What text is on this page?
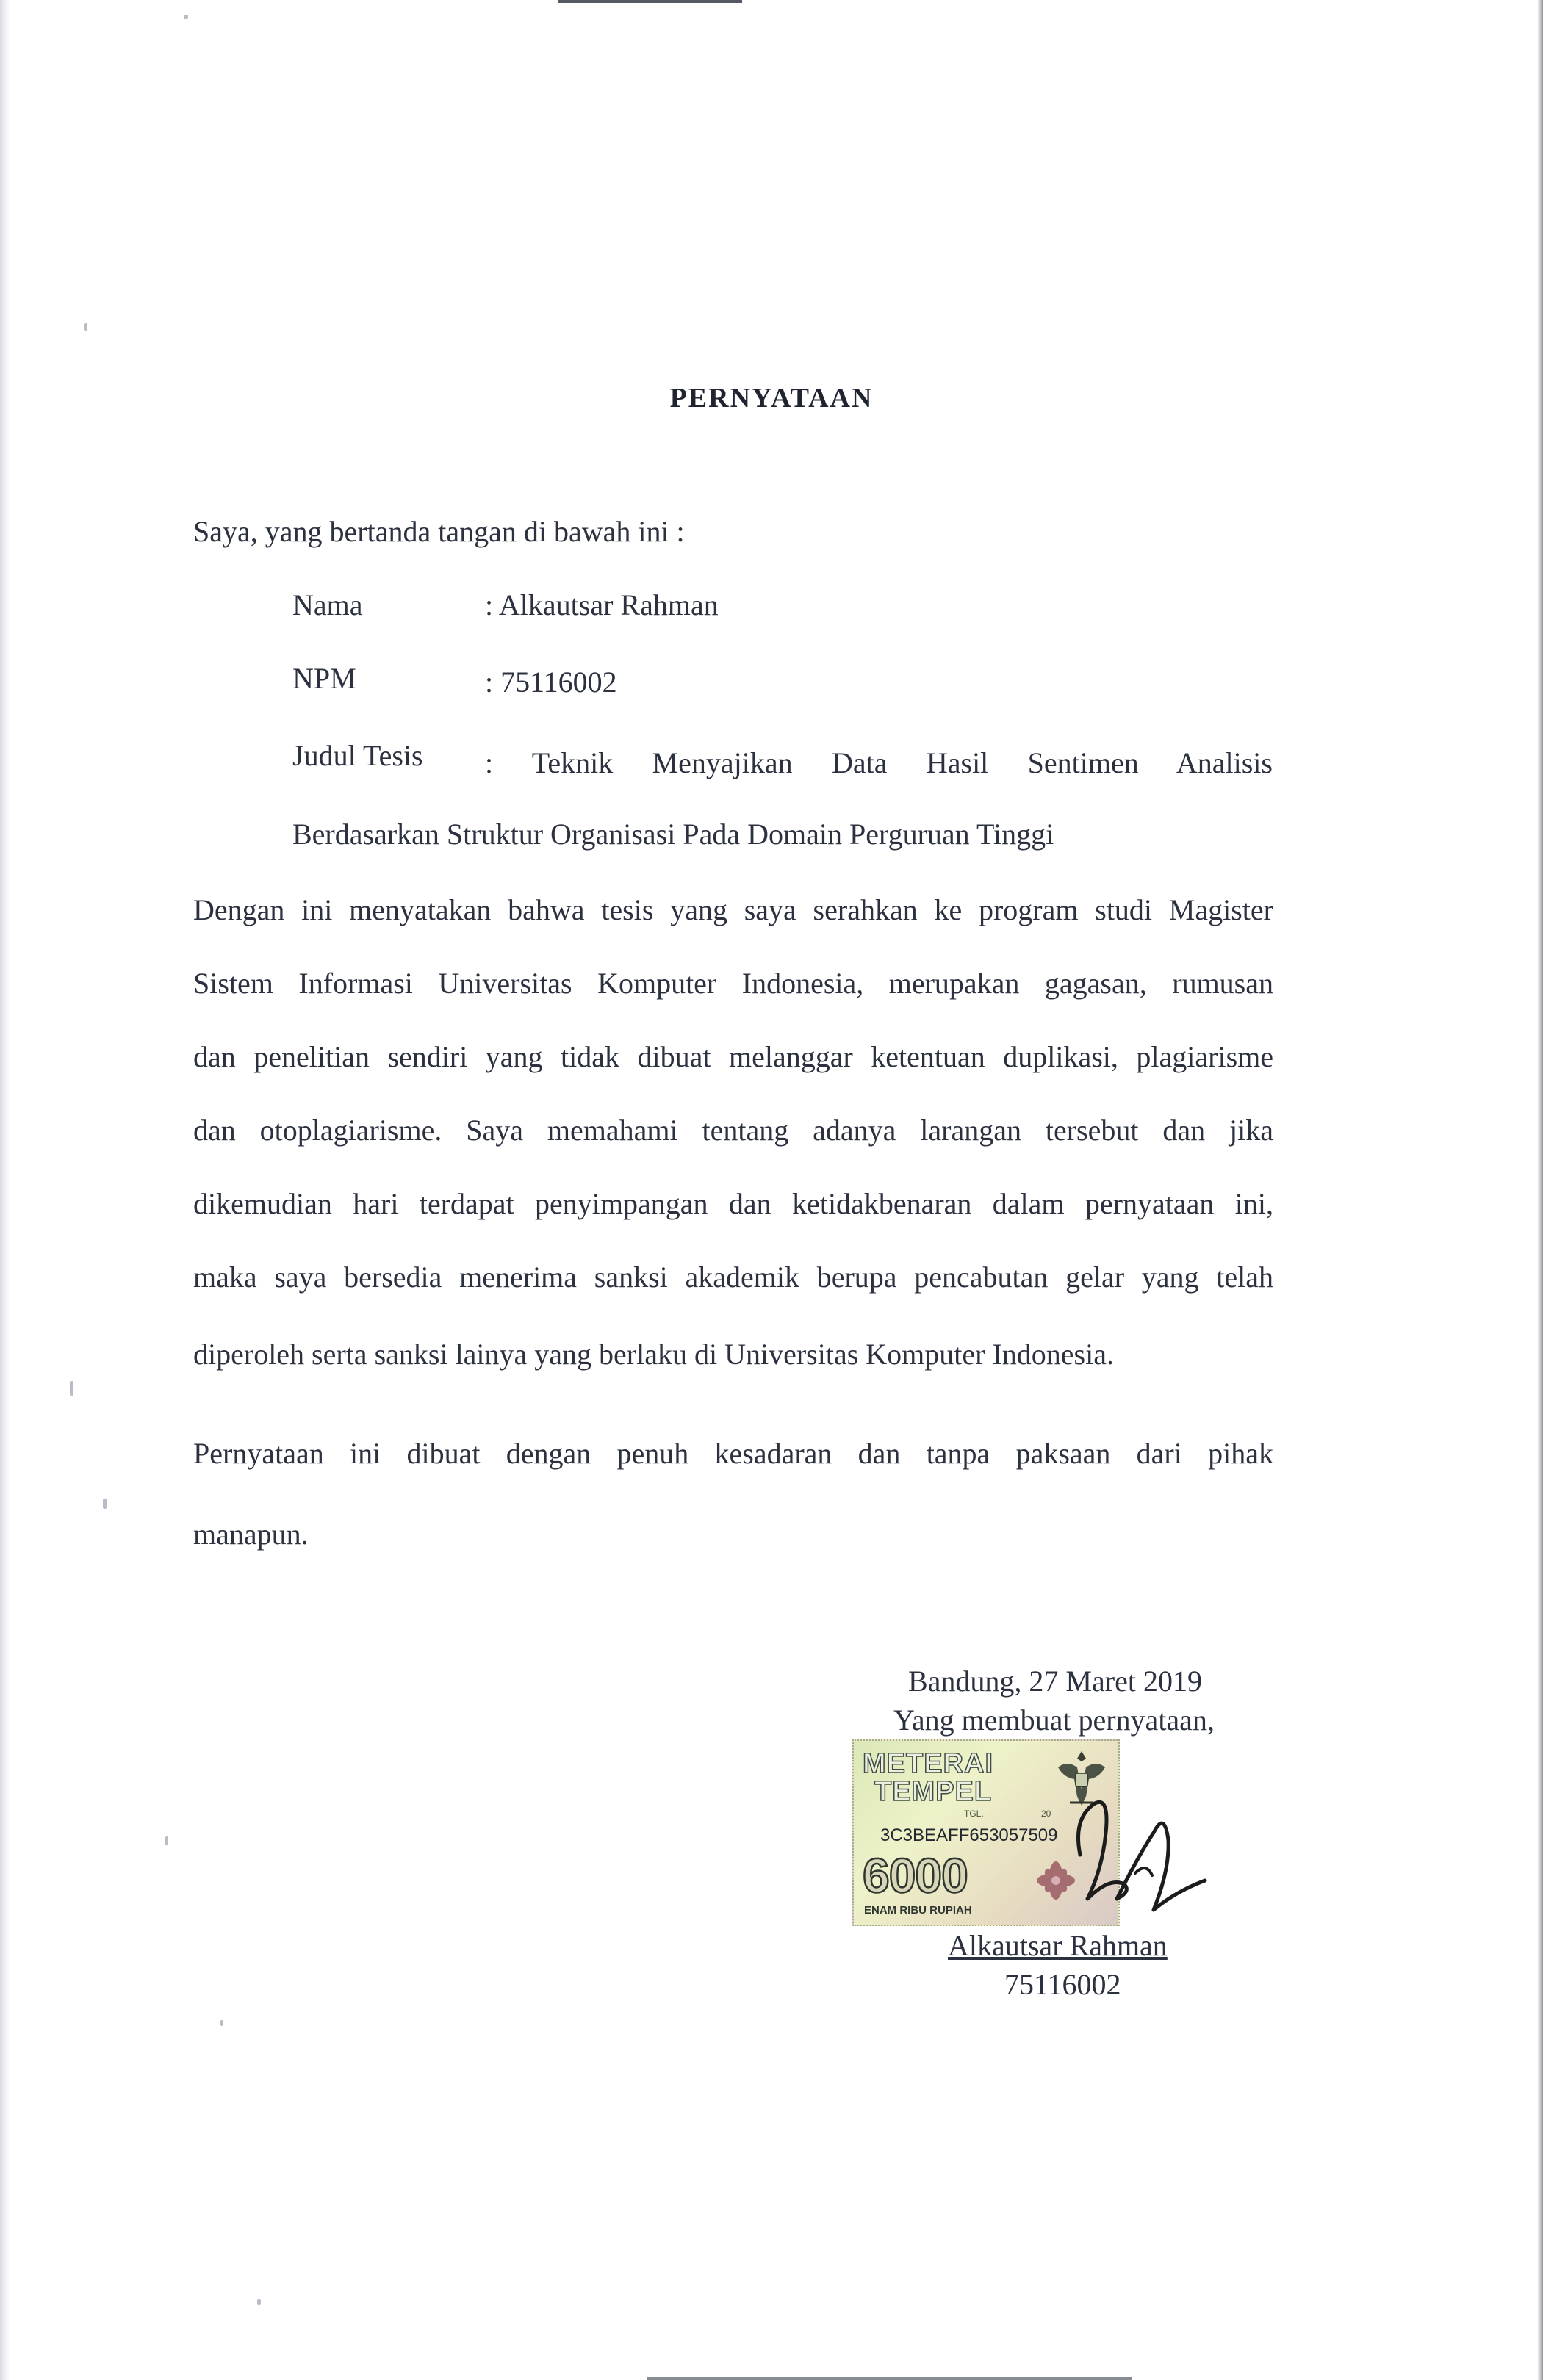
PERNYATAAN
Saya, yang bertanda tangan di bawah ini :
Nama	: Alkautsar Rahman
NPM	: 75116002
Judul Tesis : Teknik Menyajikan Data Hasil Sentimen Analisis
Berdasarkan Struktur Organisasi Pada Domain Perguruan Tinggi
Dengan ini menyatakan bahwa tesis yang saya serahkan ke program studi Magister
Sistem Informasi Universitas Komputer Indonesia, merupakan gagasan, rumusan
dan penelitian sendiri yang tidak dibuat melanggar ketentuan duplikasi, plagiarisme
dan otoplagiarisme. Saya memahami tentang adanya larangan tersebut dan jika
dikemudian hari terdapat penyimpangan dan ketidakbenaran dalam pernyataan ini,
maka saya bersedia menerima sanksi akademik berupa pencabutan gelar yang telah
diperoleh serta sanksi lainya yang berlaku di Universitas Komputer Indonesia.
Pernyataan ini dibuat dengan penuh kesadaran dan tanpa paksaan dari pihak
manapun.
Bandung, 27 Maret 2019
Yang membuat pernyataan,
METERAI
TEMPEL
TGL.	20
3C3BEAFF653057509
6000
ENAM RIBU RUPIAH
Alkautsar Rahman
75116002
